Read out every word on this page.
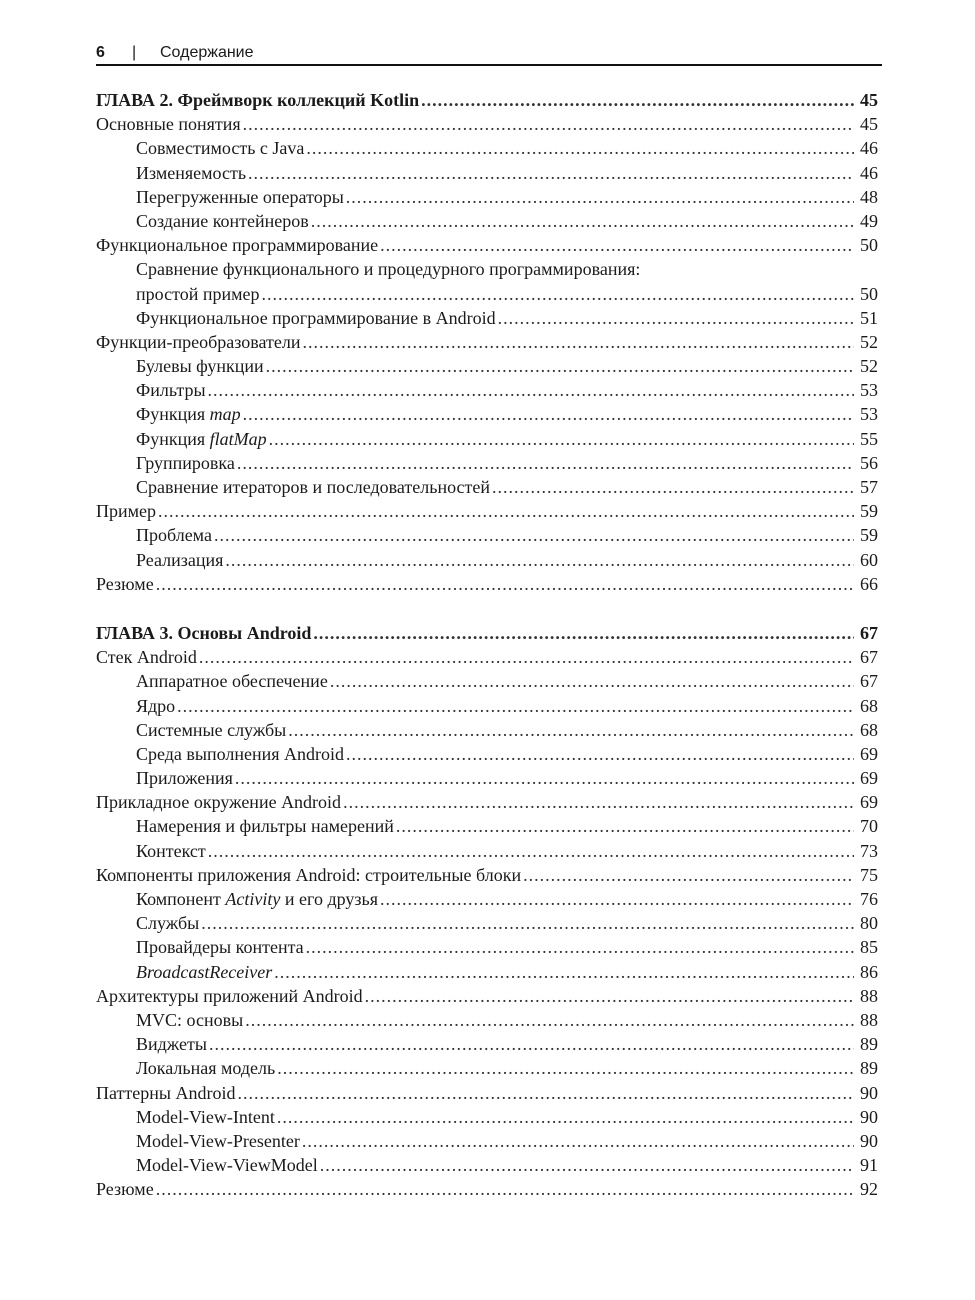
6 | Содержание
ГЛАВА 2. Фреймворк коллекций Kotlin .....	45
Основные понятия .....	45
Совместимость с Java .....	46
Изменяемость .....	46
Перегруженные операторы .....	48
Создание контейнеров .....	49
Функциональное программирование .....	50
Сравнение функционального и процедурного программирования:
простой пример .....	50
Функциональное программирование в Android .....	51
Функции-преобразователи .....	52
Булевы функции .....	52
Фильтры .....	53
Функция map .....	53
Функция flatMap .....	55
Группировка .....	56
Сравнение итераторов и последовательностей .....	57
Пример .....	59
Проблема .....	59
Реализация .....	60
Резюме .....	66
ГЛАВА 3. Основы Android .....	67
Стек Android .....	67
Аппаратное обеспечение .....	67
Ядро .....	68
Системные службы .....	68
Среда выполнения Android .....	69
Приложения .....	69
Прикладное окружение Android .....	69
Намерения и фильтры намерений .....	70
Контекст .....	73
Компоненты приложения Android: строительные блоки .....	75
Компонент Activity и его друзья .....	76
Службы .....	80
Провайдеры контента .....	85
BroadcastReceiver .....	86
Архитектуры приложений Android .....	88
MVC: основы .....	88
Виджеты .....	89
Локальная модель .....	89
Паттерны Android .....	90
Model-View-Intent .....	90
Model-View-Presenter .....	90
Model-View-ViewModel .....	91
Резюме .....	92
